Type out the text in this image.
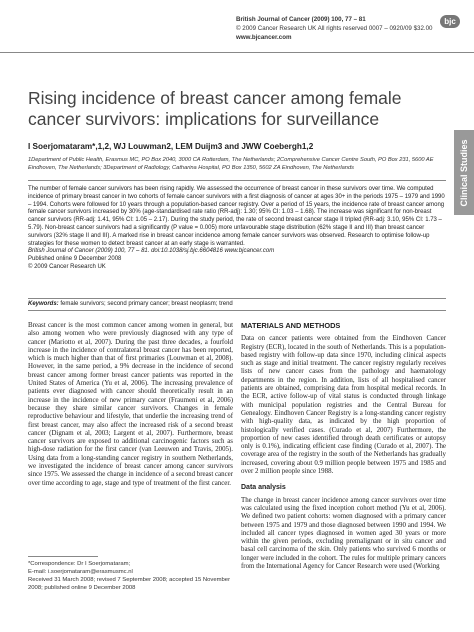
British Journal of Cancer (2009) 100, 77 – 81
© 2009 Cancer Research UK All rights reserved 0007 – 0920/09 $32.00
www.bjcancer.com
bjc
Rising incidence of breast cancer among female cancer survivors: implications for surveillance
Clinical Studies
I Soerjomataram*,1,2, WJ Louwman2, LEM Duijm3 and JWW Coebergh1,2
1Department of Public Health, Erasmus MC, PO Box 2040, 3000 CA Rotterdam, The Netherlands; 2Comprehensive Cancer Centre South, PO Box 231, 5600 AE Eindhoven, The Netherlands; 3Department of Radiology, Catharina Hospital, PO Box 1350, 5602 ZA Eindhoven, The Netherlands

The number of female cancer survivors has been rising rapidly. We assessed the occurrence of breast cancer in these survivors over time. We computed incidence of primary breast cancer in two cohorts of female cancer survivors with a first diagnosis of cancer at ages 30+ in the periods 1975 – 1979 and 1990 – 1994. Cohorts were followed for 10 years through a population-based cancer registry. Over a period of 15 years, the incidence rate of breast cancer among female cancer survivors increased by 30% (age-standardised rate ratio (RR-adj): 1.30; 95% CI: 1.03 – 1.68). The increase was significant for non-breast cancer survivors (RR-adj: 1.41, 95% CI: 1.05 – 2.17). During the study period, the rate of second breast cancer stage II tripled (RR-adj: 3.10, 95% CI: 1.73 – 5.79). Non-breast cancer survivors had a significantly (P value = 0.005) more unfavourable stage distribution (62% stage II and III) than breast cancer survivors (32% stage II and III). A marked rise in breast cancer incidence among female cancer survivors was observed. Research to optimise follow-up strategies for these women to detect breast cancer at an early stage is warranted.

British Journal of Cancer (2009) 100, 77 – 81. doi:10.1038/sj.bjc.6604816 www.bjcancer.com

Published online 9 December 2008

© 2009 Cancer Research UK

Keywords: female survivors; second primary cancer; breast neoplasm; trend

Breast cancer is the most common cancer among women in general, but also among women who were previously diagnosed with any type of cancer (Mariotto et al, 2007). During the past three decades, a fourfold increase in the incidence of contralateral breast cancer has been reported, which is much higher than that of first primaries (Louwman et al, 2008). However, in the same period, a 9% decrease in the incidence of second breast cancer among former breast cancer patients was reported in the United States of America (Yu et al, 2006). The increasing prevalence of patients ever diagnosed with cancer should theoretically result in an increase in the incidence of new primary cancer (Fraumeni et al, 2006) because they share similar cancer survivors. Changes in female reproductive behaviour and lifestyle, that underlie the increasing trend of first breast cancer, may also affect the increased risk of a second breast cancer (Dignam et al, 2003; Largent et al, 2007). Furthermore, breast cancer survivors are exposed to additional carcinogenic factors such as high-dose radiation for the first cancer (van Leeuwen and Travis, 2005). Using data from a long-standing cancer registry in southern Netherlands, we investigated the incidence of breast cancer among cancer survivors since 1975. We assessed the change in incidence of a second breast cancer over time according to age, stage and type of treatment of the first cancer.

*Correspondence: Dr I Soerjomataram;

E-mail: i.soerjomataram@erasmusmc.nl

Received 31 March 2008; revised 7 September 2008; accepted 15 November 2008; published online 9 December 2008

MATERIALS AND METHODS

Data on cancer patients were obtained from the Eindhoven Cancer Registry (ECR), located in the south of Netherlands. This is a population-based registry with follow-up data since 1970, including clinical aspects such as stage and initial treatment. The cancer registry regularly receives lists of new cancer cases from the pathology and haematology departments in the region. In addition, lists of all hospitalised cancer patients are obtained, comprising data from hospital medical records. In the ECR, active follow-up of vital status is conducted through linkage with municipal population registries and the Central Bureau for Genealogy. Eindhoven Cancer Registry is a long-standing cancer registry with high-quality data, as indicated by the high proportion of histologically verified cases. (Curado et al, 2007) Furthermore, the proportion of new cases identified through death certificates or autopsy only is 0.1%), indicating efficient case finding (Curado et al, 2007). The coverage area of the registry in the south of the Netherlands has gradually increased, covering about 0.9 million people between 1975 and 1985 and over 2 million people since 1988.

Data analysis

The change in breast cancer incidence among cancer survivors over time was calculated using the fixed inception cohort method (Yu et al, 2006). We defined two patient cohorts: women diagnosed with a primary cancer between 1975 and 1979 and those diagnosed between 1990 and 1994. We included all cancer types diagnosed in women aged 30 years or more within the given periods, excluding premalignant or in situ cancer and basal cell carcinoma of the skin. Only patients who survived 6 months or longer were included in the cohort. The rules for multiple primary cancers from the International Agency for Cancer Research were used (Working
